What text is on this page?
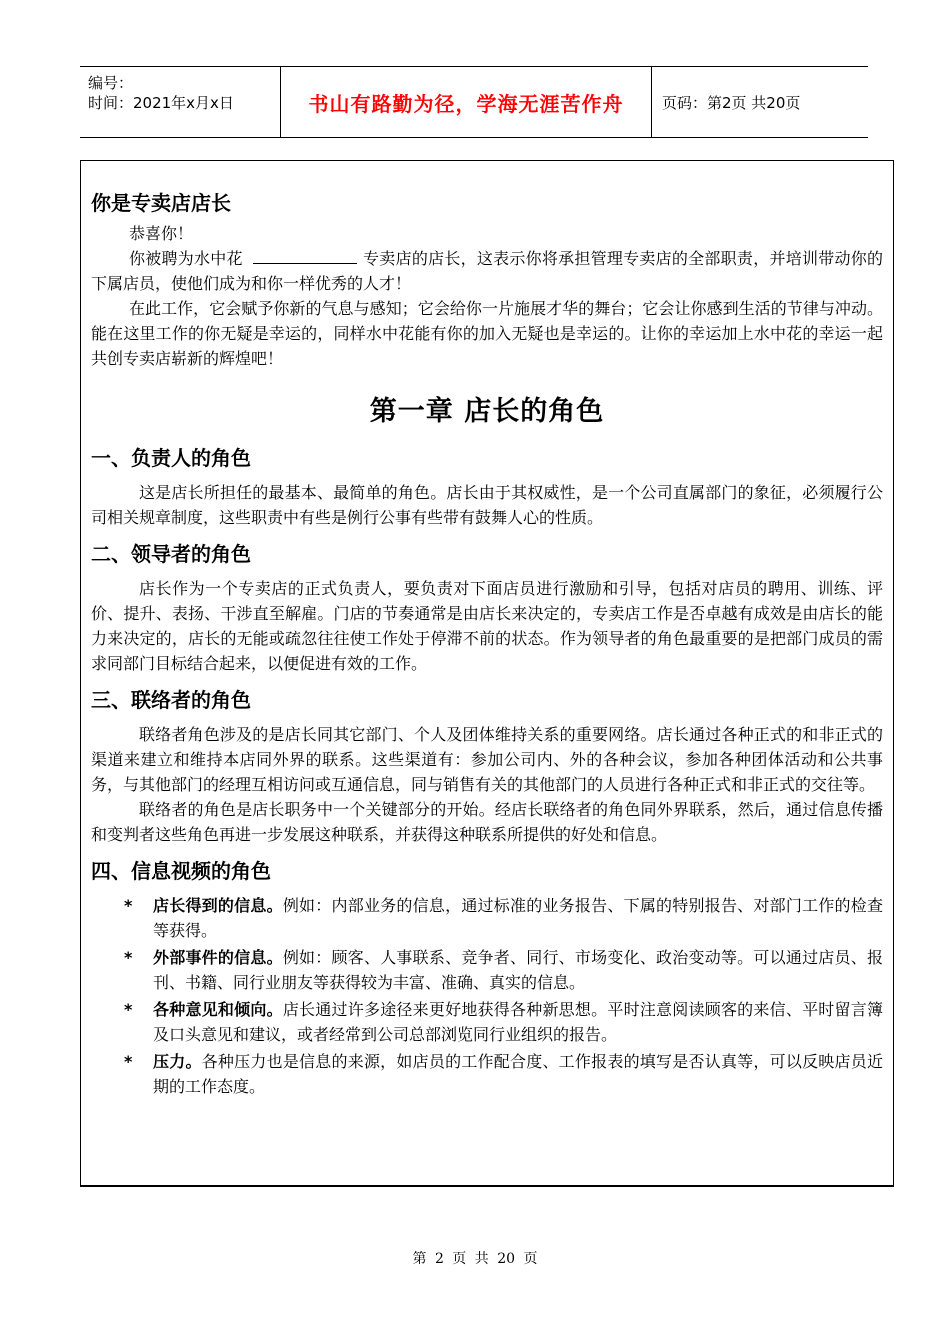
编号：
时间：2021年x月x日	书山有路勤为径，学海无涯苦作舟	页码：第2页 共20页
你是专卖店店长

恭喜你！

你被聘为水中花	专卖店的店长，这表示你将承担管理专卖店的全部职责，并培训带动你的下属店员，使他们成为和你一样优秀的人才！

在此工作，它会赋予你新的气息与感知；它会给你一片施展才华的舞台；它会让你感到生活的节律与冲动。能在这里工作的你无疑是幸运的，同样水中花能有你的加入无疑也是幸运的。让你的幸运加上水中花的幸运一起共创专卖店崭新的辉煌吧！

第一章 店长的角色
一、负责人的角色

这是店长所担任的最基本、最简单的角色。店长由于其权威性，是一个公司直属部门的象征，必须履行公司相关规章制度，这些职责中有些是例行公事有些带有鼓舞人心的性质。

二、领导者的角色

店长作为一个专卖店的正式负责人，要负责对下面店员进行激励和引导，包括对店员的聘用、训练、评价、提升、表扬、干涉直至解雇。门店的节奏通常是由店长来决定的，专卖店工作是否卓越有成效是由店长的能力来决定的，店长的无能或疏忽往往使工作处于停滞不前的状态。作为领导者的角色最重要的是把部门成员的需求同部门目标结合起来，以便促进有效的工作。

三、联络者的角色

联络者角色涉及的是店长同其它部门、个人及团体维持关系的重要网络。店长通过各种正式的和非正式的渠道来建立和维持本店同外界的联系。这些渠道有：参加公司内、外的各种会议，参加各种团体活动和公共事务，与其他部门的经理互相访问或互通信息，同与销售有关的其他部门的人员进行各种正式和非正式的交往等。

联络者的角色是店长职务中一个关键部分的开始。经店长联络者的角色同外界联系，然后，通过信息传播和变判者这些角色再进一步发展这种联系，并获得这种联系所提供的好处和信息。

四、信息视频的角色
* 店长得到的信息。例如：内部业务的信息，通过标准的业务报告、下属的特别报告、对部门工作的检查等获得。
* 外部事件的信息。例如：顾客、人事联系、竞争者、同行、市场变化、政治变动等。可以通过店员、报刊、书籍、同行业朋友等获得较为丰富、准确、真实的信息。
* 各种意见和倾向。店长通过许多途径来更好地获得各种新思想。平时注意阅读顾客的来信、平时留言簿及口头意见和建议，或者经常到公司总部浏览同行业组织的报告。
* 压力。各种压力也是信息的来源，如店员的工作配合度、工作报表的填写是否认真等，可以反映店员近期的工作态度。
第 2 页 共 20 页
